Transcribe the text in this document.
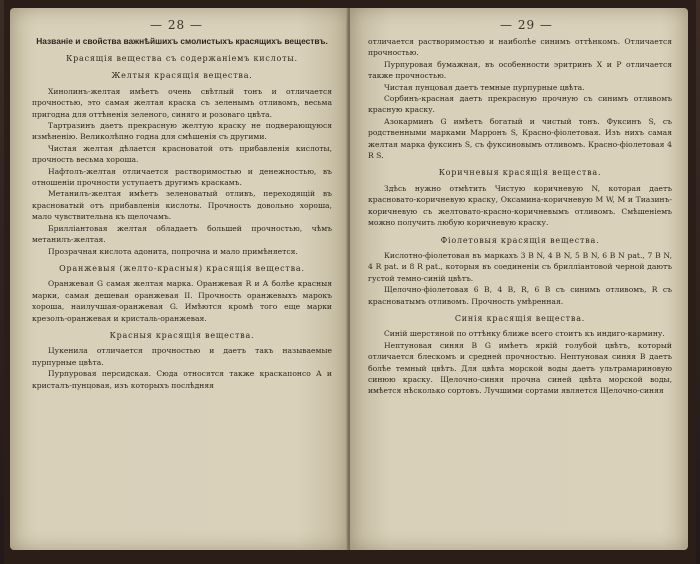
— 28 —

Названiе и свойства важнѣйшихъ смолистыхъ красящихъ веществъ.

Красящiя вещества съ содержанiемъ кислоты.

Желтыя красящiя вещества.

Хинолинъ-желтая имѣетъ очень свѣтлый тонъ и отличается прочностью, это самая желтая краска съ зеленымъ отливомъ, весьма пригодна для оттѣненiя зеленого, синяго и розоваго цвѣта.

Тартразинъ даетъ прекрасную желтую краску не подверающуюся измѣненiю. Великолѣпно годна для смѣшенiя съ другими.

Чистая желтая дѣлается красноватой отъ прибавленiя кислоты, прочность весьма хороша.

Нафтолъ-желтая отличается растворимостью и денежностью, въ отношенiи прочности уступаетъ другимъ краскамъ.

Метанилъ-желтая имѣетъ зеленоватый отливъ, переходящiй въ красноватый отъ прибавленiя кислоты. Прочность довольно хороша, мало чувствительна къ щелочамъ.

Бриллiантовая желтая обладаетъ большей прочностью, чѣмъ метанилъ-желтая.

Прозрачная кислота адонита, попрочна и мало примѣняется.

Оранжевыя (желто-красныя) красящiя вещества.

Оранжевая G самая желтая марка. Оранжевая R и A болѣе красныя марки, самая дешевая оранжевая II. Прочность оранжевыхъ марокъ хороша, наилучшая-оранжевая G. Имѣются кромѣ того еще марки крезолъ-оранжевая и кристаль-оранжевая.

Красныя красящiя вещества.

Цукенила отличается прочностью и даетъ такъ называемые пурпурные цвѣта.

Пурпуровая персидская. Сюда относятся также краскапонсо A и кристалъ-пунцовая, изъ которыхъ послѣдняя

— 29 —

отличается растворимостью и наиболѣе синимъ оттѣнкомъ. Отличается прочностью.

Пурпуровая бумажная, въ особенности эритринъ X и P отличается также прочностью.

Чистая пунцовая даетъ темные пурпурные цвѣта.

Сорбинъ-красная даетъ прекрасную прочную съ синимъ отливомъ красную краску.

Азокарминъ G имѣетъ богатый и чистый тонъ. Фуксинъ S, съ родственными марками Марронъ S, Красно-фiолетовая. Изъ нихъ самая желтая марка фуксинъ S, съ фуксиновымъ отливомъ. Красно-фiолетовая 4 R S.

Коричневыя красящiя вещества.

Здѣсь нужно отмѣтить Чистую коричневую N, которая даетъ красновато-коричневую краску, Оксамина-коричневую M W, M и Тиазинъ-коричневую съ желтовато-красно-коричневымъ отливомъ. Смѣшенiемъ можно получить любую коричневую краску.

Фiолетовыя красящiя вещества.

Кислотно-фiолетовая въ маркахъ 3 B N, 4 B N, 5 B N, 6 B N pat., 7 B N, 4 R pat. и 8 R pat., которыя въ соединенiи съ бриллiантовой черной даютъ густой темно-синiй цвѣтъ.

Щелочно-фiолетовая 6 B, 4 B, R, 6 B съ синимъ отливомъ, R съ красноватымъ отливомъ. Прочность умѣренная.

Синiя красящiя вещества.

Синiй шерстяной по оттѣнку ближе всего стоитъ къ индиго-кармину.

Нептуновая синяя B G имѣетъ яркiй голубой цвѣтъ, который отличается блескомъ и средней прочностью. Нептуновая синяя B даетъ болѣе темный цвѣтъ. Для цвѣта морской воды даетъ ультрамариновую синюю краску. Щелочно-синяя прочна синей цвѣта морской воды, имѣется нѣсколько сортовъ. Лучшими сортами является Щелочно-синяя
